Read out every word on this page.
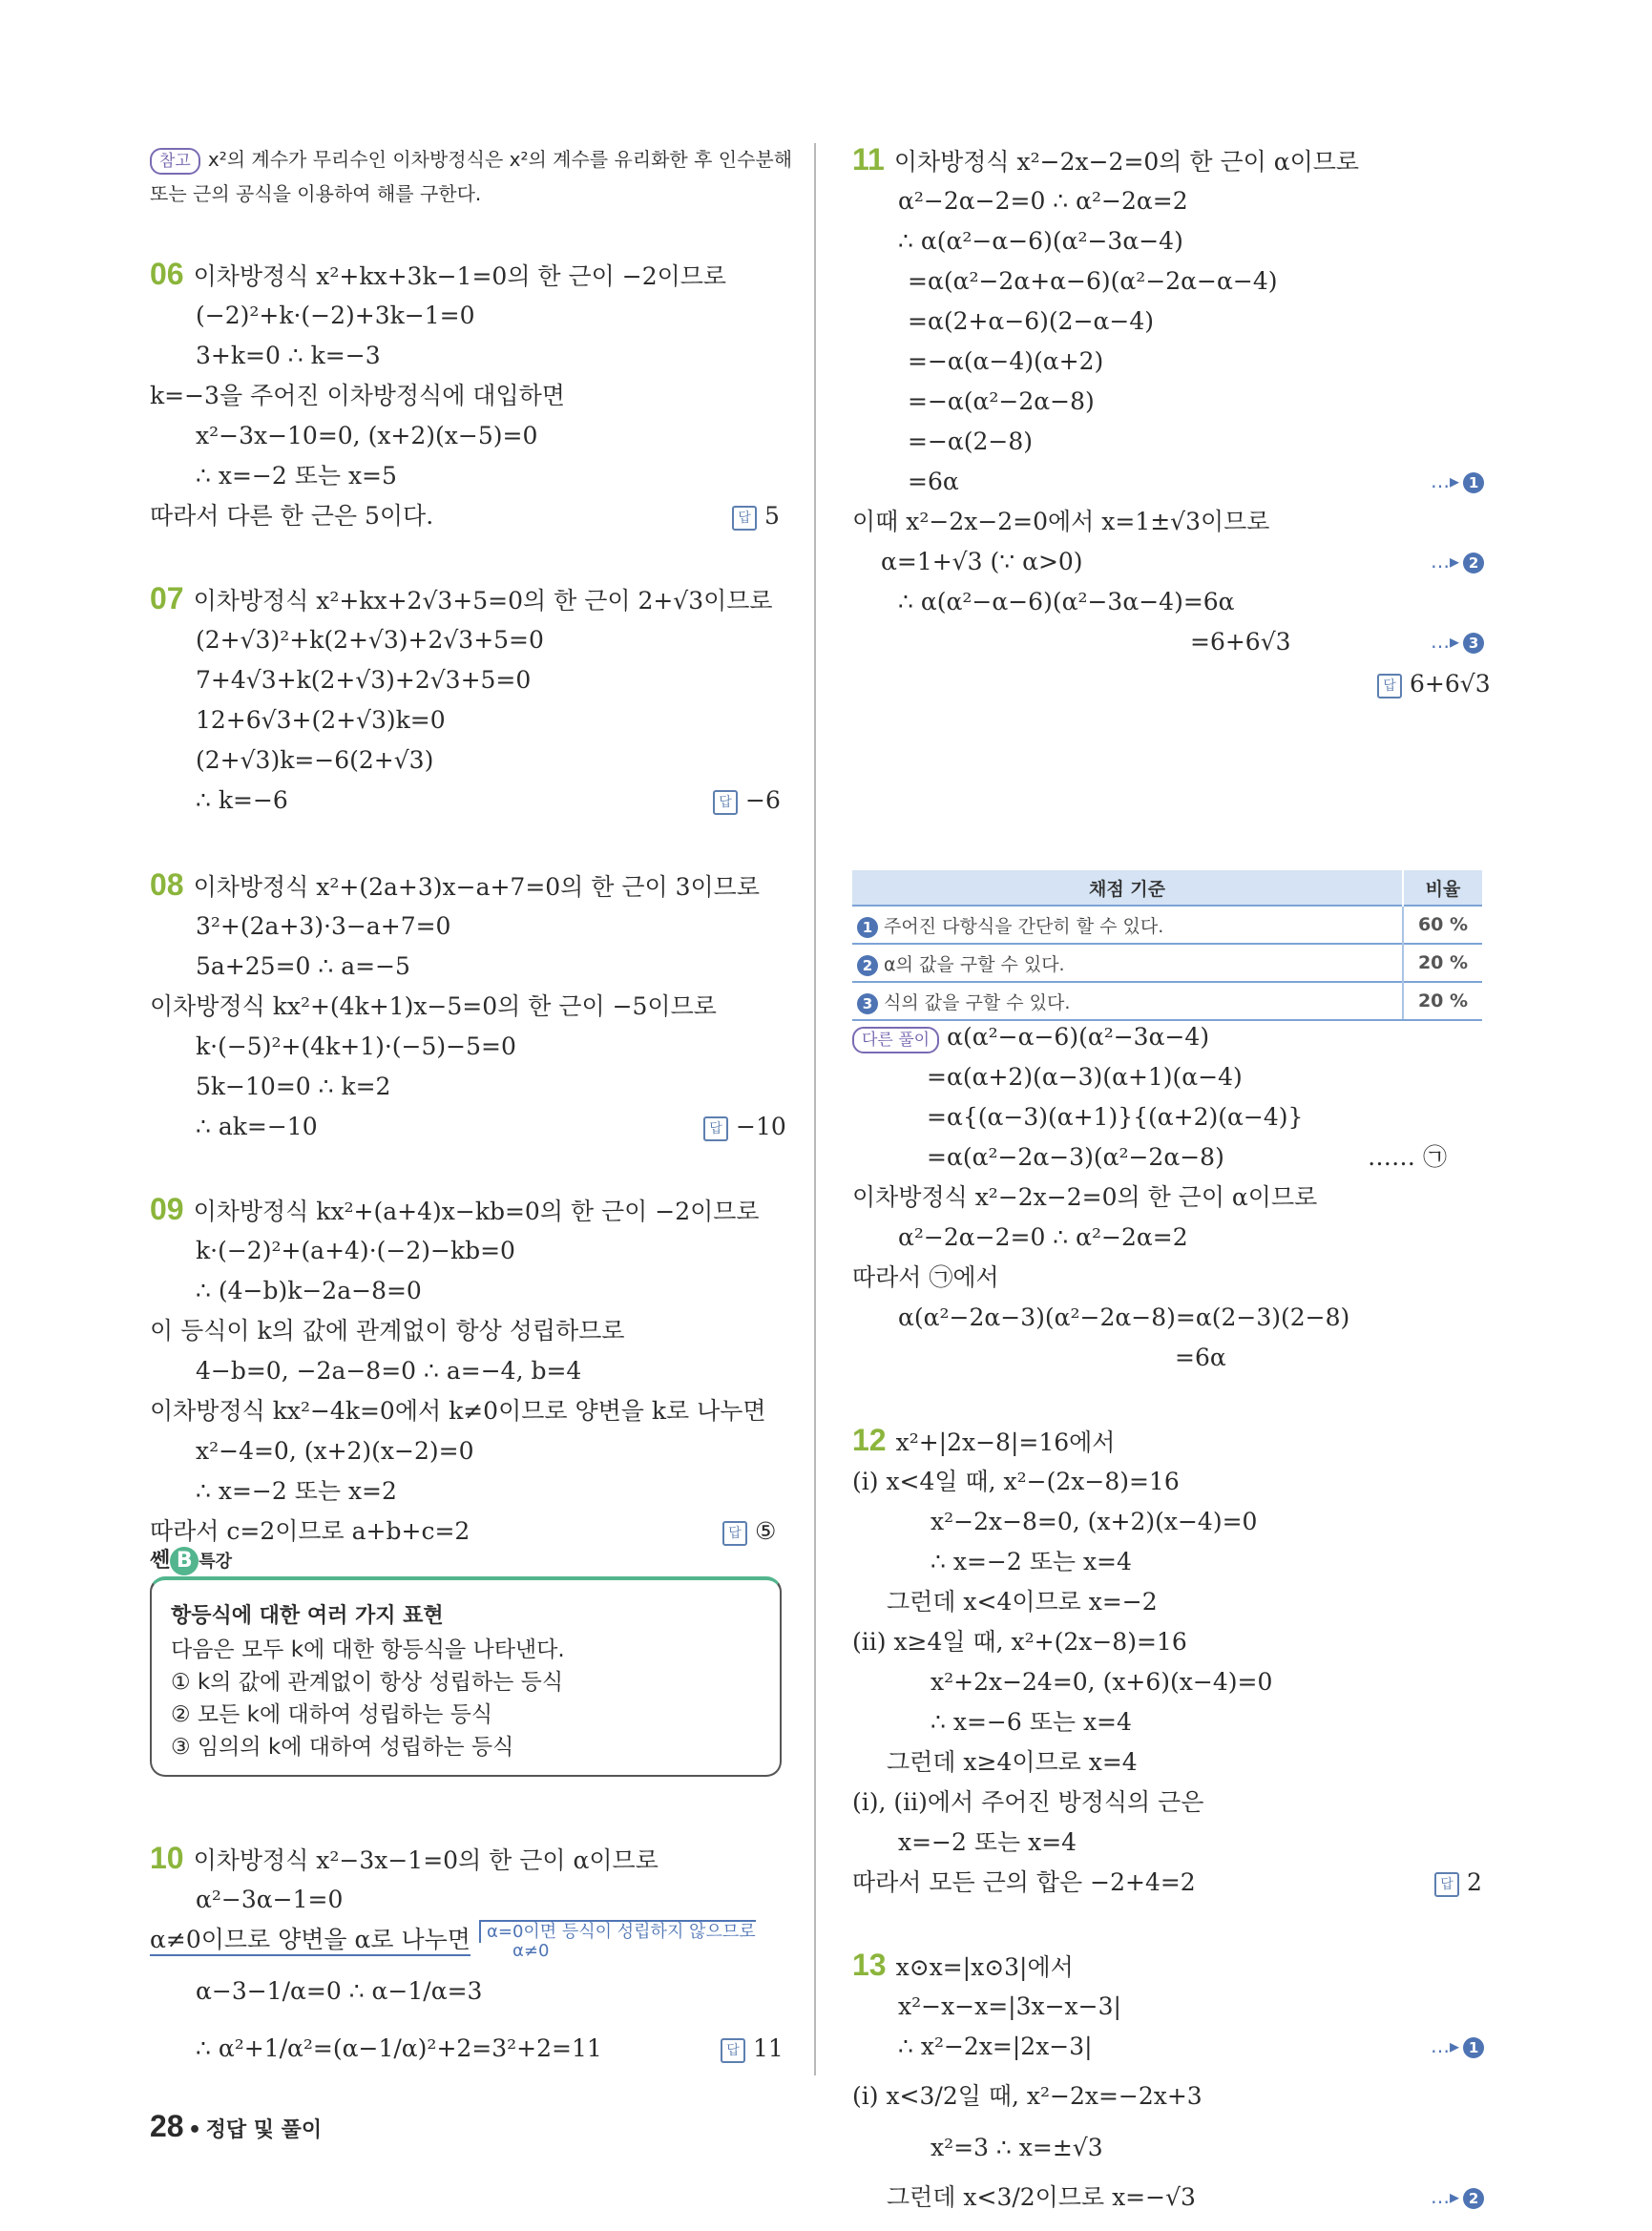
참고 x²의 계수가 무리수인 이차방정식은 x²의 계수를 유리화한 후 인수분해
또는 근의 공식을 이용하여 해를 구한다.
06 이차방정식 x²+kx+3k−1=0의 한 근이 −2이므로
(−2)²+k·(−2)+3k−1=0
3+k=0 ∴ k=−3
k=−3을 주어진 이차방정식에 대입하면
x²−3x−10=0, (x+2)(x−5)=0
∴ x=−2 또는 x=5
따라서 다른 한 근은 5이다.	답 5
07 이차방정식 x²+kx+2√3+5=0의 한 근이 2+√3이므로
(2+√3)²+k(2+√3)+2√3+5=0
7+4√3+k(2+√3)+2√3+5=0
12+6√3+(2+√3)k=0
(2+√3)k=−6(2+√3)
∴ k=−6	답 −6
08 이차방정식 x²+(2a+3)x−a+7=0의 한 근이 3이므로
3²+(2a+3)·3−a+7=0
5a+25=0 ∴ a=−5
이차방정식 kx²+(4k+1)x−5=0의 한 근이 −5이므로
k·(−5)²+(4k+1)·(−5)−5=0
5k−10=0 ∴ k=2
∴ ak=−10	답 −10
09 이차방정식 kx²+(a+4)x−kb=0의 한 근이 −2이므로
k·(−2)²+(a+4)·(−2)−kb=0
∴ (4−b)k−2a−8=0
이 등식이 k의 값에 관계없이 항상 성립하므로
4−b=0, −2a−8=0 ∴ a=−4, b=4
이차방정식 kx²−4k=0에서 k≠0이므로 양변을 k로 나누면
x²−4=0, (x+2)(x−2)=0
∴ x=−2 또는 x=2
따라서 c=2이므로 a+b+c=2	답 ⑤
쎈 B 특강
항등식에 대한 여러 가지 표현
다음은 모두 k에 대한 항등식을 나타낸다.
① k의 값에 관계없이 항상 성립하는 등식
② 모든 k에 대하여 성립하는 등식
③ 임의의 k에 대하여 성립하는 등식
10 이차방정식 x²−3x−1=0의 한 근이 α이므로
α²−3α−1=0
α≠0이므로 양변을 α로 나누면 α=0이면 등식이 성립하지 않으므로
α≠0
α−3−1/α=0 ∴ α−1/α=3
∴ α²+1/α²=(α−1/α)²+2=3²+2=11	답 11
11 이차방정식 x²−2x−2=0의 한 근이 α이므로
α²−2α−2=0 ∴ α²−2α=2
∴ α(α²−α−6)(α²−3α−4)
=α(α²−2α+α−6)(α²−2α−α−4)
=α(2+α−6)(2−α−4)
=−α(α−4)(α+2)
=−α(α²−2α−8)
=−α(2−8)
=6α	…▸ 1
이때 x²−2x−2=0에서 x=1±√3이므로
α=1+√3 (∵ α>0)	…▸ 2
∴ α(α²−α−6)(α²−3α−4)=6α
=6+6√3	…▸ 3
답 6+6√3
채점 기준	비율
1 주어진 다항식을 간단히 할 수 있다.	60 %
2 α의 값을 구할 수 있다.	20 %
3 식의 값을 구할 수 있다.	20 %
다른 풀이 α(α²−α−6)(α²−3α−4)
=α(α+2)(α−3)(α+1)(α−4)
=α{(α−3)(α+1)}{(α+2)(α−4)}
=α(α²−2α−3)(α²−2α−8)	…… ㉠
이차방정식 x²−2x−2=0의 한 근이 α이므로
α²−2α−2=0 ∴ α²−2α=2
따라서 ㉠에서
α(α²−2α−3)(α²−2α−8)=α(2−3)(2−8)
=6α
12 x²+|2x−8|=16에서
(i) x<4일 때, x²−(2x−8)=16
x²−2x−8=0, (x+2)(x−4)=0
∴ x=−2 또는 x=4
그런데 x<4이므로 x=−2
(ii) x≥4일 때, x²+(2x−8)=16
x²+2x−24=0, (x+6)(x−4)=0
∴ x=−6 또는 x=4
그런데 x≥4이므로 x=4
(i), (ii)에서 주어진 방정식의 근은
x=−2 또는 x=4
따라서 모든 근의 합은 −2+4=2	답 2
13 x⊙x=|x⊙3|에서
x²−x−x=|3x−x−3|
∴ x²−2x=|2x−3|	…▸ 1
(i) x<3/2일 때, x²−2x=−2x+3
x²=3 ∴ x=±√3
그런데 x<3/2이므로 x=−√3	…▸ 2
28 • 정답 및 풀이
